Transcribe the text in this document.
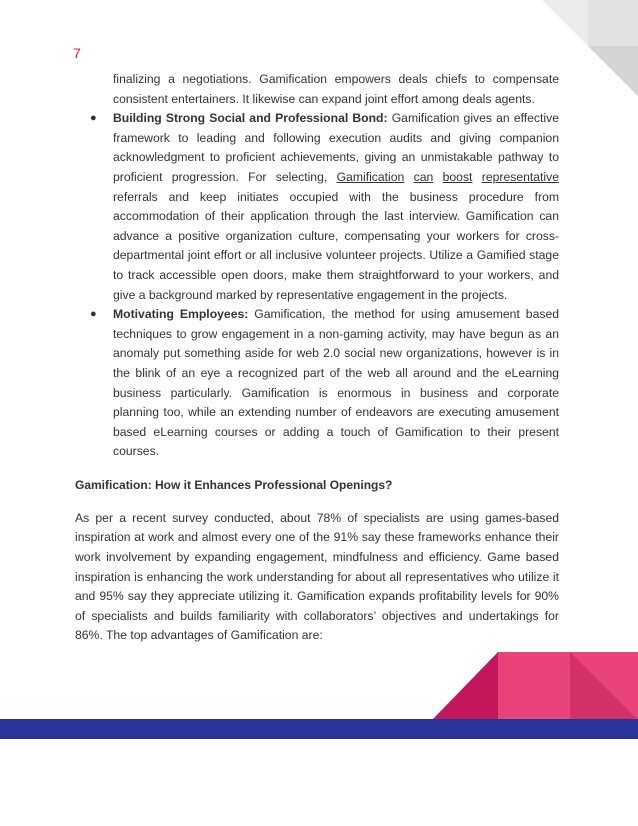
7

finalizing a negotiations. Gamification empowers deals chiefs to compensate consistent entertainers. It likewise can expand joint effort among deals agents.

● Building Strong Social and Professional Bond: Gamification gives an effective framework to leading and following execution audits and giving companion acknowledgment to proficient achievements, giving an unmistakable pathway to proficient progression. For selecting, Gamification can boost representative referrals and keep initiates occupied with the business procedure from accommodation of their application through the last interview. Gamification can advance a positive organization culture, compensating your workers for cross-departmental joint effort or all inclusive volunteer projects. Utilize a Gamified stage to track accessible open doors, make them straightforward to your workers, and give a background marked by representative engagement in the projects.
● Motivating Employees: Gamification, the method for using amusement based techniques to grow engagement in a non-gaming activity, may have begun as an anomaly put something aside for web 2.0 social new organizations, however is in the blink of an eye a recognized part of the web all around and the eLearning business particularly. Gamification is enormous in business and corporate planning too, while an extending number of endeavors are executing amusement based eLearning courses or adding a touch of Gamification to their present courses.
Gamification: How it Enhances Professional Openings?

As per a recent survey conducted, about 78% of specialists are using games-based inspiration at work and almost every one of the 91% say these frameworks enhance their work involvement by expanding engagement, mindfulness and efficiency. Game based inspiration is enhancing the work understanding for about all representatives who utilize it and 95% say they appreciate utilizing it. Gamification expands profitability levels for 90% of specialists and builds familiarity with collaborators’ objectives and undertakings for 86%. The top advantages of Gamification are:
